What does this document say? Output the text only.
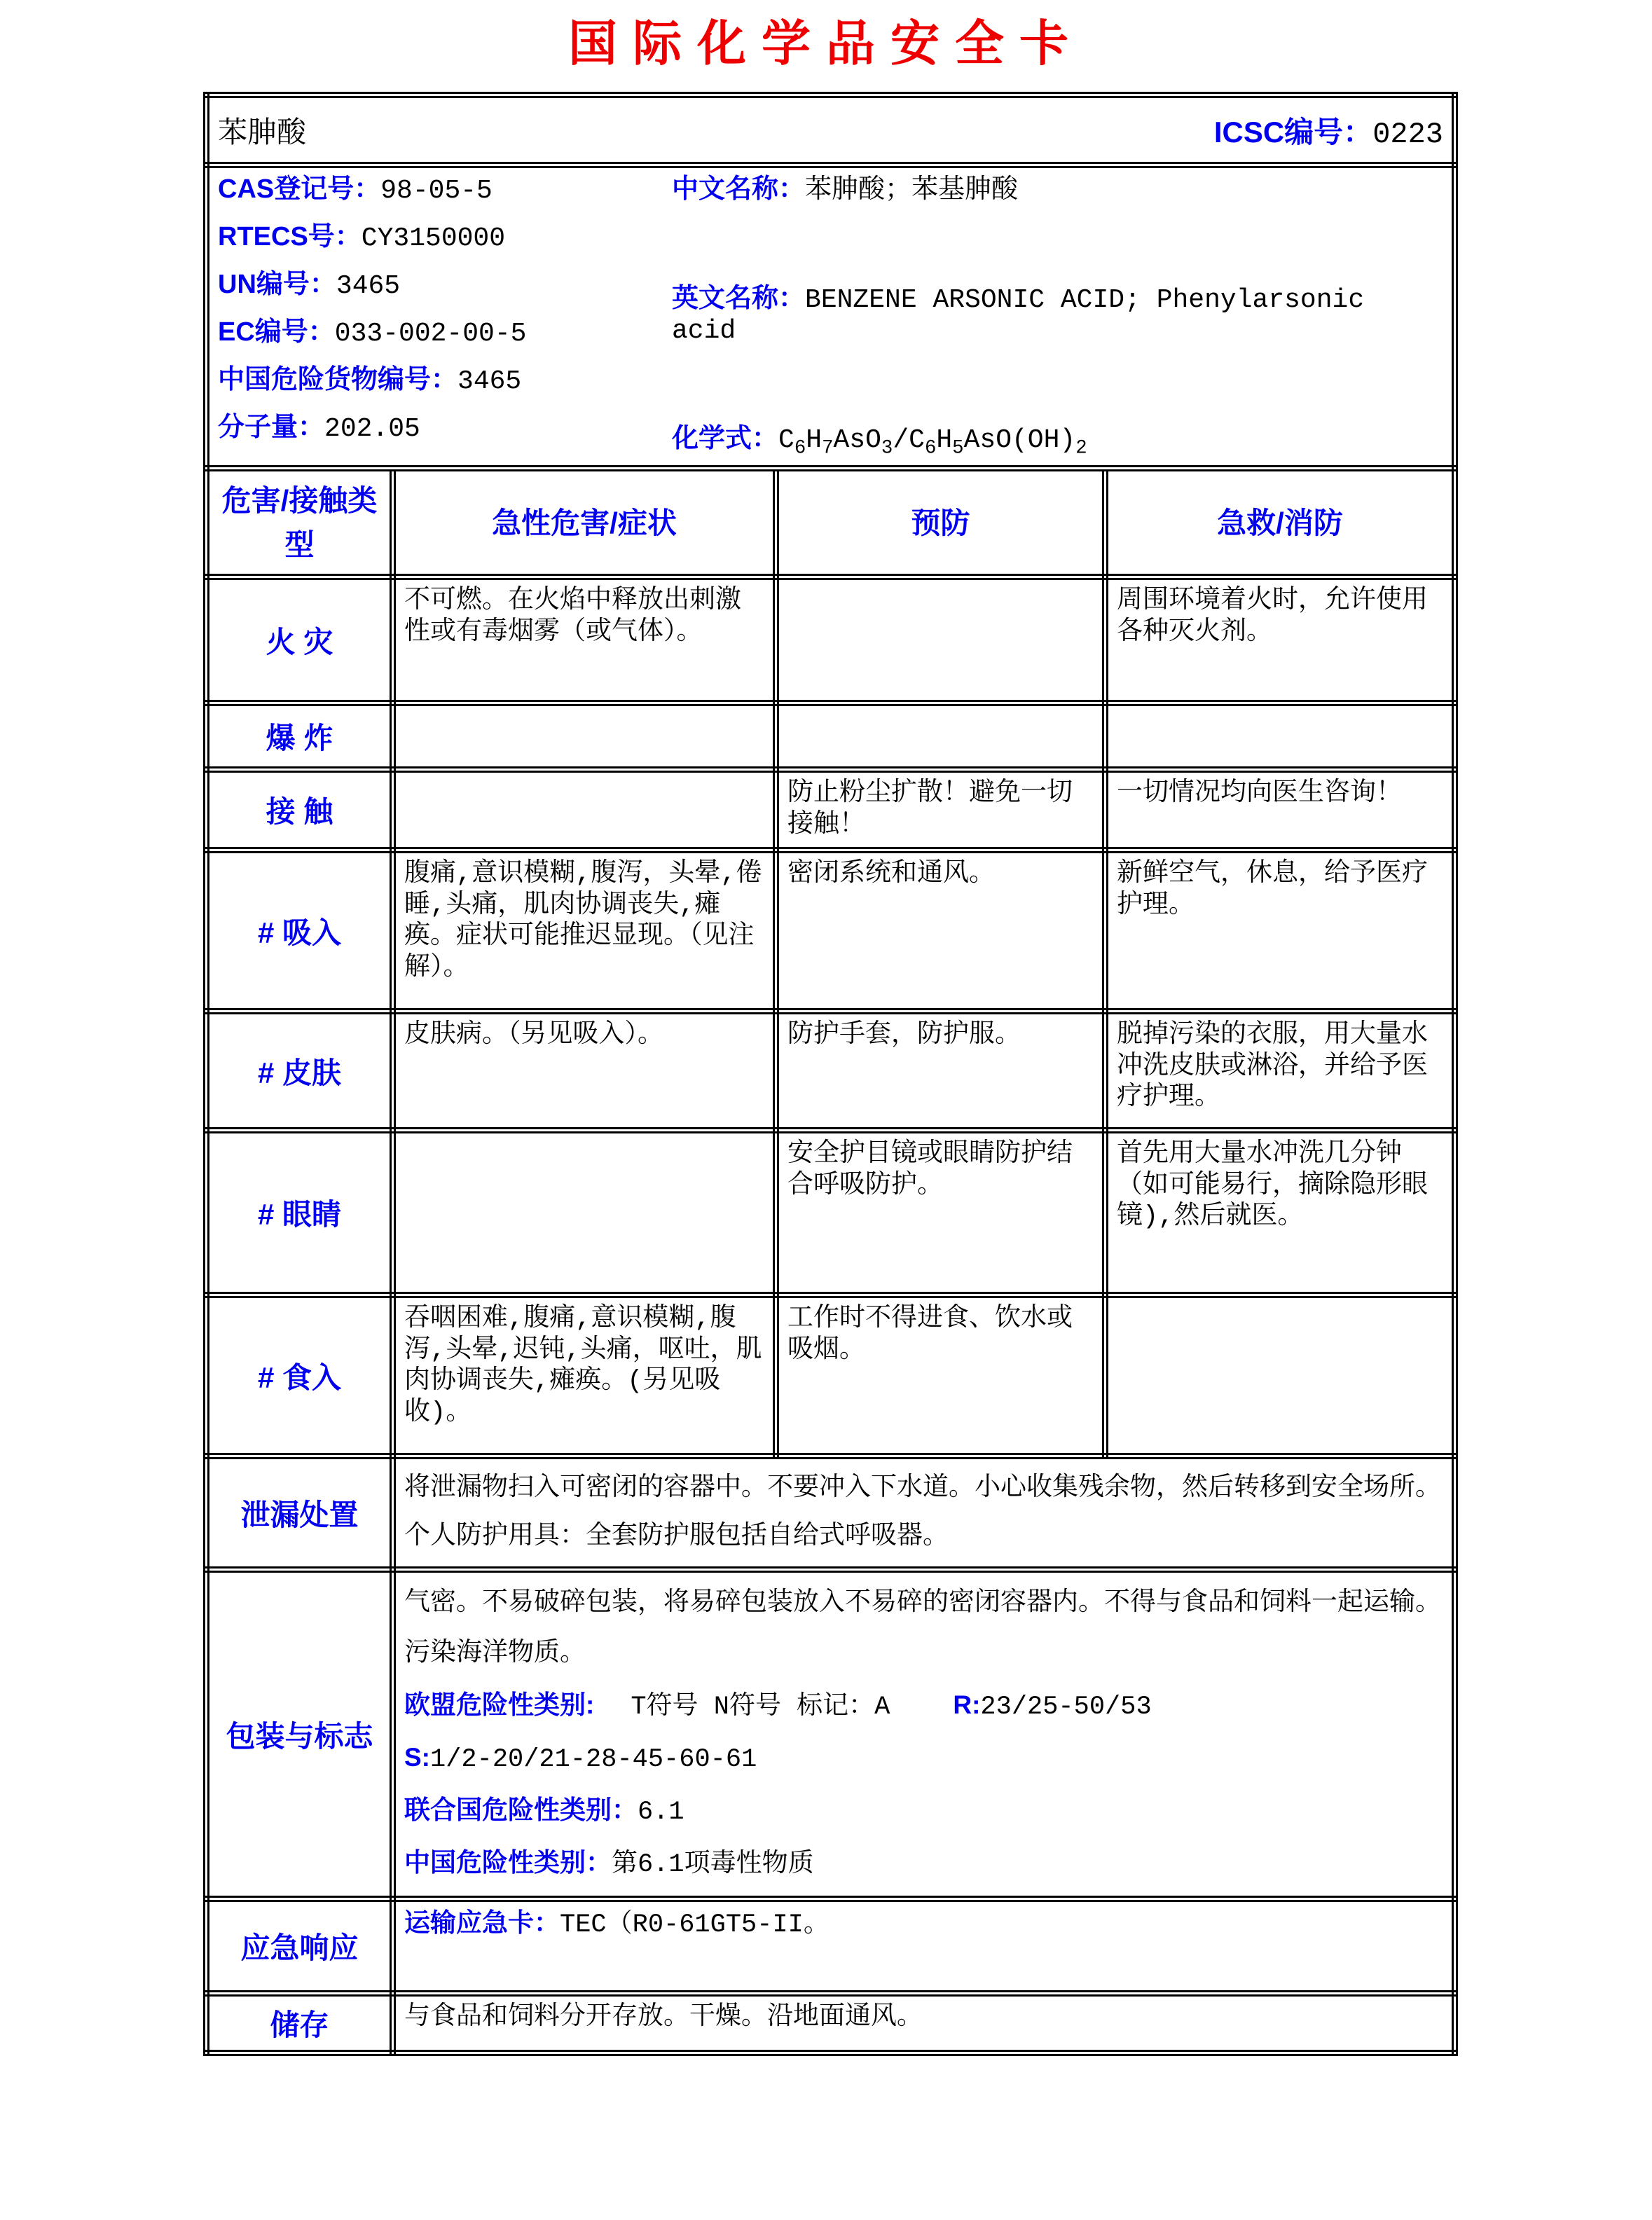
国际化学品安全卡
苯胂酸 ICSC编号：0223			

CAS登记号：98-05-5
RTECS号：CY3150000
UN编号：3465
EC编号：033-002-00-5
中国危险货物编号：3465
分子量：202.05
中文名称：苯胂酸；苯基胂酸
英文名称：BENZENE ARSONIC ACID; Phenylarsonic acid
化学式：$C_6H_7AsO_3/C_6H_5AsO(OH)_2$

危害/接触类型	急性危害/症状	预防	急救/消防
火 灾	不可燃。在火焰中释放出刺激性或有毒烟雾（或气体）。		周围环境着火时，允许使用各种灭火剂。
爆 炸			
接 触		防止粉尘扩散！避免一切接触！	一切情况均向医生咨询！
# 吸入	腹痛,意识模糊,腹泻，头晕,倦睡,头痛，肌肉协调丧失,瘫痪。症状可能推迟显现。（见注解）。	密闭系统和通风。	新鲜空气，休息，给予医疗护理。
# 皮肤	皮肤病。（另见吸入）。	防护手套，防护服。	脱掉污染的衣服，用大量水冲洗皮肤或淋浴，并给予医疗护理。
# 眼睛		安全护目镜或眼睛防护结合呼吸防护。	首先用大量水冲洗几分钟（如可能易行，摘除隐形眼镜),然后就医。
# 食入	吞咽困难,腹痛,意识模糊,腹泻,头晕,迟钝,头痛，呕吐，肌肉协调丧失,瘫痪。(另见吸收)。	工作时不得进食、饮水或吸烟。	
泄漏处置	将泄漏物扫入可密闭的容器中。不要冲入下水道。小心收集残余物，然后转移到安全场所。个人防护用具：全套防护服包括自给式呼吸器。		
包装与标志	气密。不易破碎包装，将易碎包装放入不易碎的密闭容器内。不得与食品和饲料一起运输。污染海洋物质。

欧盟危险性类别: T符号 N符号 标记：A R:23/25-50/53

S:1/2-20/21-28-45-60-61

联合国危险性类别：6.1

中国危险性类别：第6.1项毒性物质		

应急响应	运输应急卡：TEC（R0-61GT5-II。		
储存	与食品和饲料分开存放。干燥。沿地面通风。		
